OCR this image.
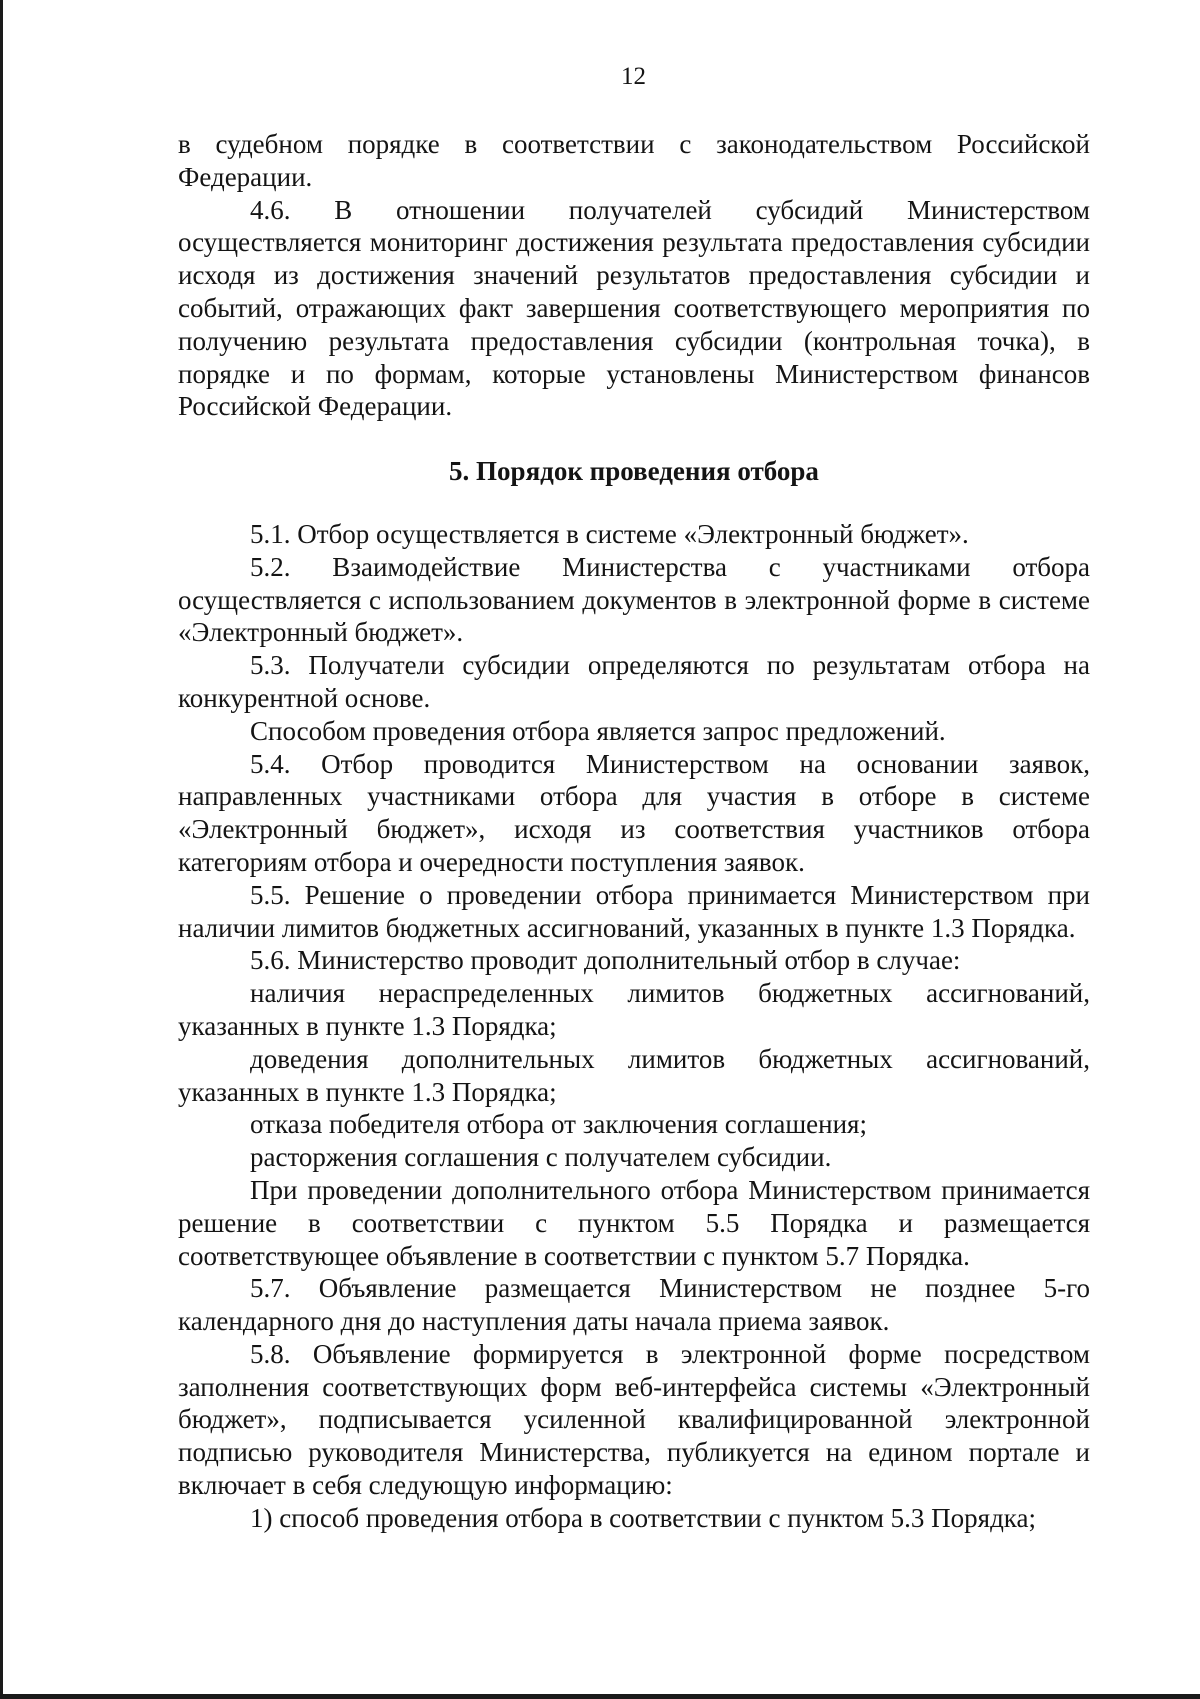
12

в судебном порядке в соответствии с законодательством Российской Федерации.

4.6. В отношении получателей субсидий Министерством осуществляется мониторинг достижения результата предоставления субсидии исходя из достижения значений результатов предоставления субсидии и событий, отражающих факт завершения соответствующего мероприятия по получению результата предоставления субсидии (контрольная точка), в порядке и по формам, которые установлены Министерством финансов Российской Федерации.

5. Порядок проведения отбора

5.1. Отбор осуществляется в системе «Электронный бюджет».

5.2. Взаимодействие Министерства с участниками отбора осуществляется с использованием документов в электронной форме в системе «Электронный бюджет».

5.3. Получатели субсидии определяются по результатам отбора на конкурентной основе.

Способом проведения отбора является запрос предложений.

5.4. Отбор проводится Министерством на основании заявок, направленных участниками отбора для участия в отборе в системе «Электронный бюджет», исходя из соответствия участников отбора категориям отбора и очередности поступления заявок.

5.5. Решение о проведении отбора принимается Министерством при наличии лимитов бюджетных ассигнований, указанных в пункте 1.3 Порядка.

5.6. Министерство проводит дополнительный отбор в случае:

наличия нераспределенных лимитов бюджетных ассигнований, указанных в пункте 1.3 Порядка;

доведения дополнительных лимитов бюджетных ассигнований, указанных в пункте 1.3 Порядка;

отказа победителя отбора от заключения соглашения;

расторжения соглашения с получателем субсидии.

При проведении дополнительного отбора Министерством принимается решение в соответствии с пунктом 5.5 Порядка и размещается соответствующее объявление в соответствии с пунктом 5.7 Порядка.

5.7. Объявление размещается Министерством не позднее 5-го календарного дня до наступления даты начала приема заявок.

5.8. Объявление формируется в электронной форме посредством заполнения соответствующих форм веб-интерфейса системы «Электронный бюджет», подписывается усиленной квалифицированной электронной подписью руководителя Министерства, публикуется на едином портале и включает в себя следующую информацию:

1) способ проведения отбора в соответствии с пунктом 5.3 Порядка;
